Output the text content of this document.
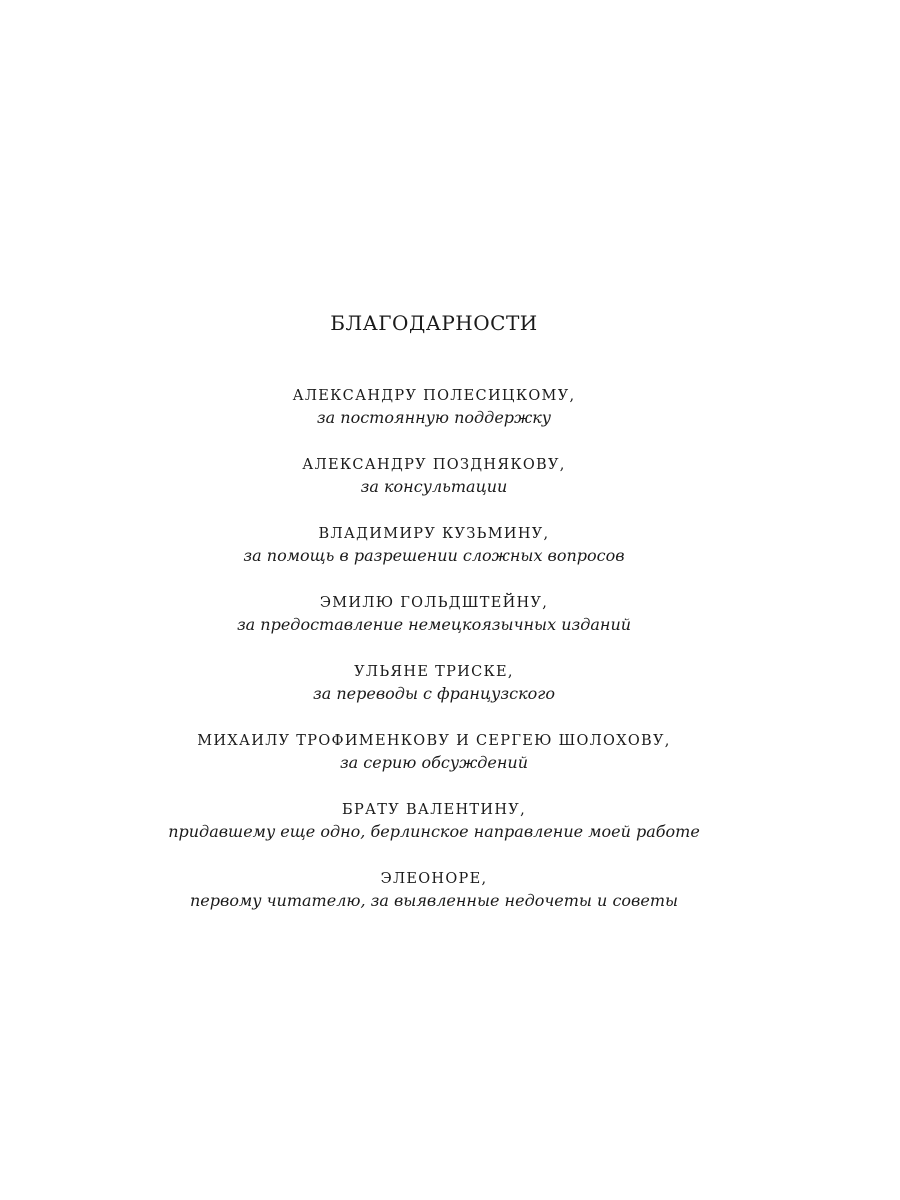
БЛАГОДАРНОСТИ
АЛЕКСАНДРУ ПОЛЕСИЦКОМУ,
за постоянную поддержку
АЛЕКСАНДРУ ПОЗДНЯКОВУ,
за консультации
ВЛАДИМИРУ КУЗЬМИНУ,
за помощь в разрешении сложных вопросов
ЭМИЛЮ ГОЛЬДШТЕЙНУ,
за предоставление немецкоязычных изданий
УЛЬЯНЕ ТРИСКЕ,
за переводы с французского
МИХАИЛУ ТРОФИМЕНКОВУ И СЕРГЕЮ ШОЛОХОВУ,
за серию обсуждений
БРАТУ ВАЛЕНТИНУ,
придавшему еще одно, берлинское направление моей работе
ЭЛЕОНОРЕ,
первому читателю, за выявленные недочеты и советы
